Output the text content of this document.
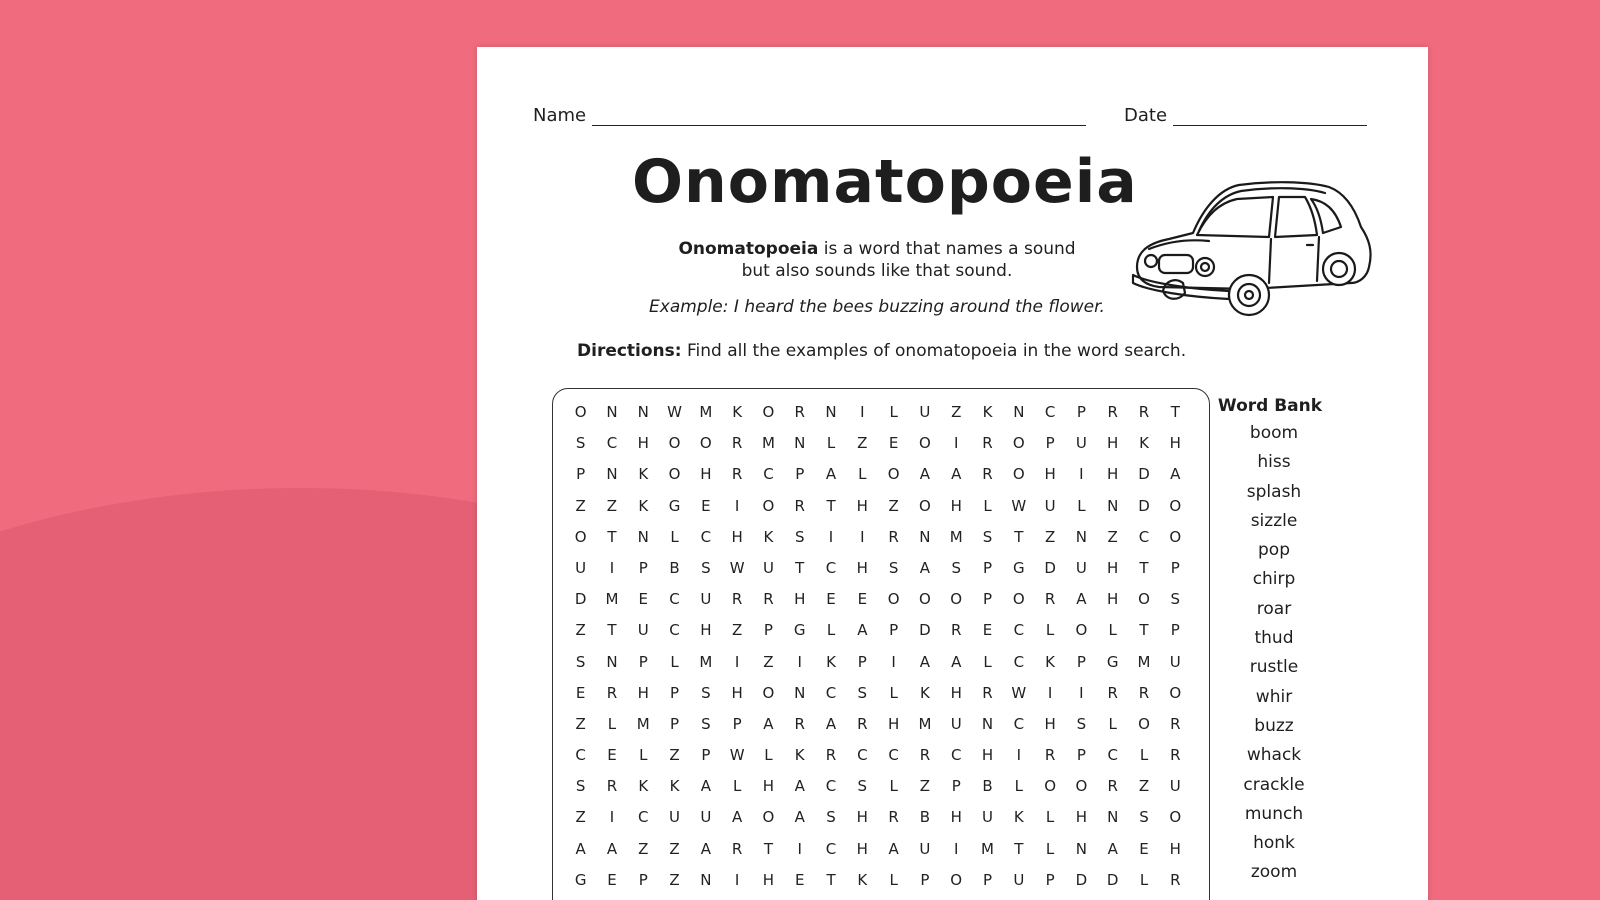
Name	Date
Onomatopoeia
Onomatopoeia is a word that names a sound
but also sounds like that sound.
Example: I heard the bees buzzing around the flower.
Directions: Find all the examples of onomatopoeia in the word search.
O	N	N	W	M	K	O	R	N	I	L	U	Z	K	N	C	P	R	R	T
S	C	H	O	O	R	M	N	L	Z	E	O	I	R	O	P	U	H	K	H
P	N	K	O	H	R	C	P	A	L	O	A	A	R	O	H	I	H	D	A
Z	Z	K	G	E	I	O	R	T	H	Z	O	H	L	W	U	L	N	D	O
O	T	N	L	C	H	K	S	I	I	R	N	M	S	T	Z	N	Z	C	O
U	I	P	B	S	W	U	T	C	H	S	A	S	P	G	D	U	H	T	P
D	M	E	C	U	R	R	H	E	E	O	O	O	P	O	R	A	H	O	S
Z	T	U	C	H	Z	P	G	L	A	P	D	R	E	C	L	O	L	T	P
S	N	P	L	M	I	Z	I	K	P	I	A	A	L	C	K	P	G	M	U
E	R	H	P	S	H	O	N	C	S	L	K	H	R	W	I	I	R	R	O
Z	L	M	P	S	P	A	R	A	R	H	M	U	N	C	H	S	L	O	R
C	E	L	Z	P	W	L	K	R	C	C	R	C	H	I	R	P	C	L	R
S	R	K	K	A	L	H	A	C	S	L	Z	P	B	L	O	O	R	Z	U
Z	I	C	U	U	A	O	A	S	H	R	B	H	U	K	L	H	N	S	O
A	A	Z	Z	A	R	T	I	C	H	A	U	I	M	T	L	N	A	E	H
G	E	P	Z	N	I	H	E	T	K	L	P	O	P	U	P	D	D	L	R
Word Bank
boom
hiss
splash
sizzle
pop
chirp
roar
thud
rustle
whir
buzz
whack
crackle
munch
honk
zoom
